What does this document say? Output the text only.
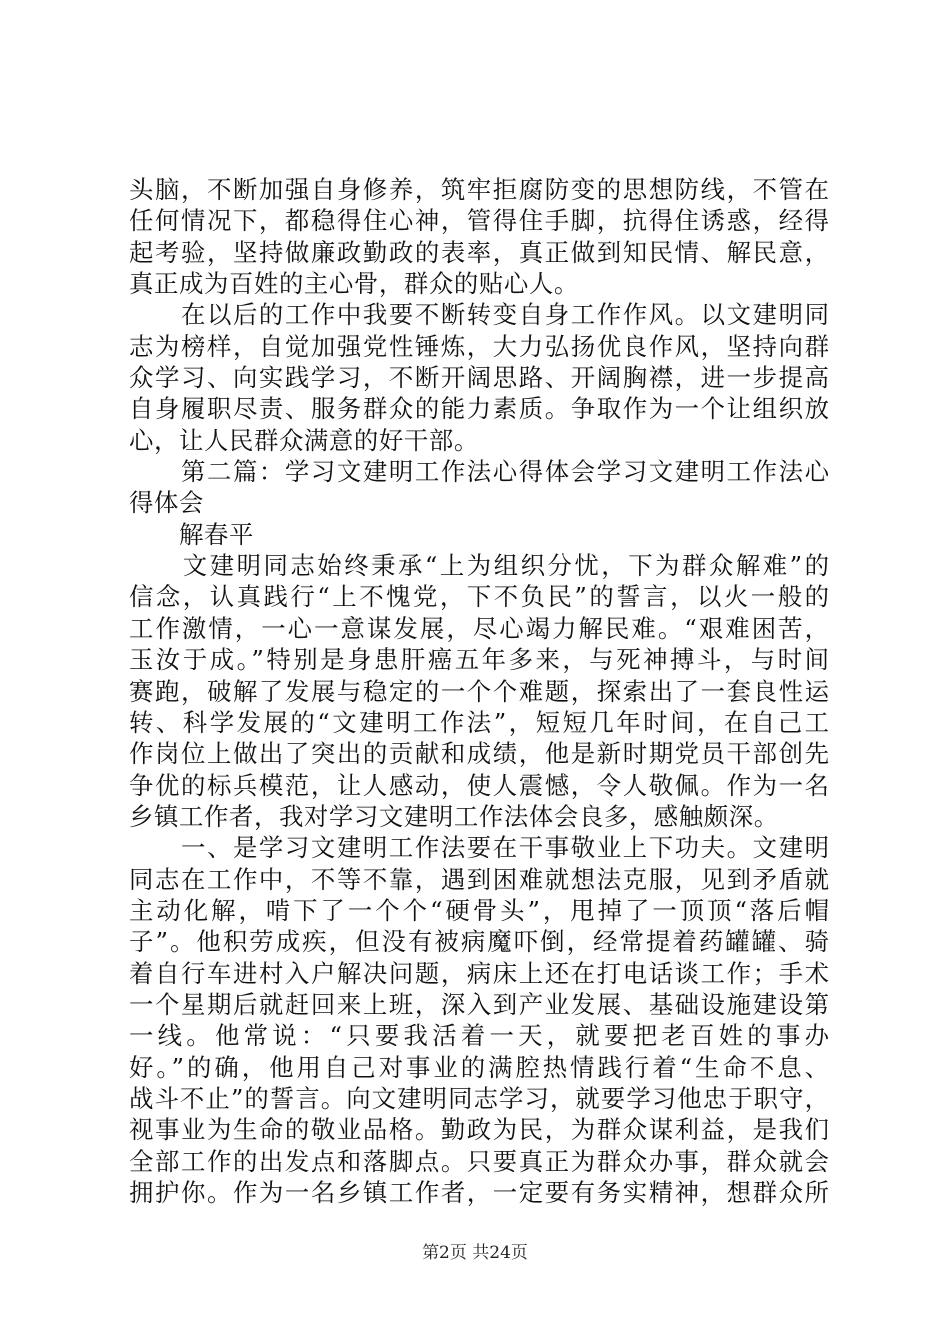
头脑，不断加强自身修养，筑牢拒腐防变的思想防线，不管在
任何情况下，都稳得住心神，管得住手脚，抗得住诱惑，经得
起考验，坚持做廉政勤政的表率，真正做到知民情、解民意，
真正成为百姓的主心骨，群众的贴心人。
　　在以后的工作中我要不断转变自身工作作风。以文建明同
志为榜样，自觉加强党性锤炼，大力弘扬优良作风，坚持向群
众学习、向实践学习，不断开阔思路、开阔胸襟，进一步提高
自身履职尽责、服务群众的能力素质。争取作为一个让组织放
心，让人民群众满意的好干部。
　　第二篇：学习文建明工作法心得体会学习文建明工作法心
得体会
　　解春平
　　文建明同志始终秉承“上为组织分忧，下为群众解难”的
信念，认真践行“上不愧党，下不负民”的誓言，以火一般的
工作激情，一心一意谋发展，尽心竭力解民难。“艰难困苦，
玉汝于成。”特别是身患肝癌五年多来，与死神搏斗，与时间
赛跑，破解了发展与稳定的一个个难题，探索出了一套良性运
转、科学发展的“文建明工作法”，短短几年时间，在自己工
作岗位上做出了突出的贡献和成绩，他是新时期党员干部创先
争优的标兵模范，让人感动，使人震憾，令人敬佩。作为一名
乡镇工作者，我对学习文建明工作法体会良多，感触颇深。
　　一、是学习文建明工作法要在干事敬业上下功夫。文建明
同志在工作中，不等不靠，遇到困难就想法克服，见到矛盾就
主动化解，啃下了一个个“硬骨头”，甩掉了一顶顶“落后帽
子”。他积劳成疾，但没有被病魔吓倒，经常提着药罐罐、骑
着自行车进村入户解决问题，病床上还在打电话谈工作；手术
一个星期后就赶回来上班，深入到产业发展、基础设施建设第
一线。他常说：“只要我活着一天，就要把老百姓的事办
好。”的确，他用自己对事业的满腔热情践行着“生命不息、
战斗不止”的誓言。向文建明同志学习，就要学习他忠于职守，
视事业为生命的敬业品格。勤政为民，为群众谋利益，是我们
全部工作的出发点和落脚点。只要真正为群众办事，群众就会
拥护你。作为一名乡镇工作者，一定要有务实精神，想群众所
第2页 共24页
